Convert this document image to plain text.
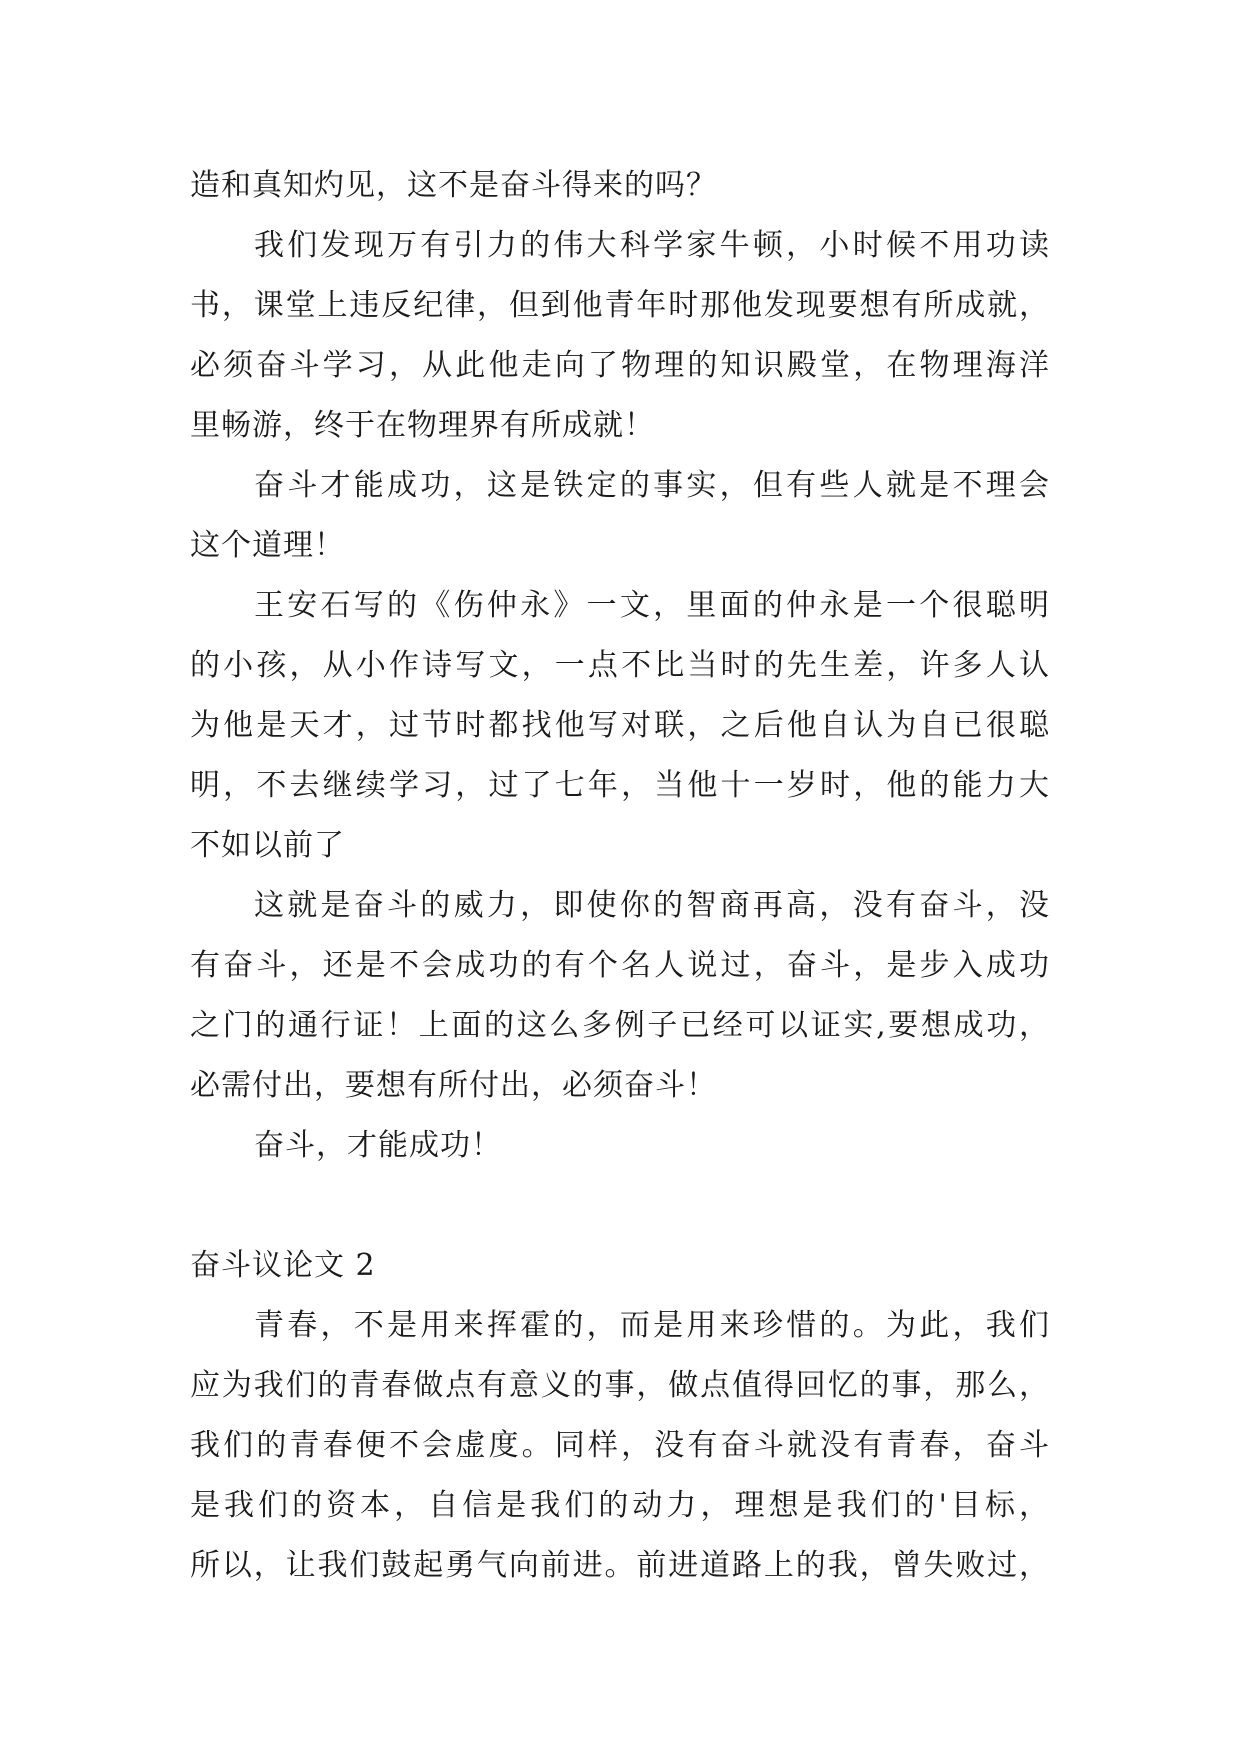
造和真知灼见，这不是奋斗得来的吗？
我们发现万有引力的伟大科学家牛顿，小时候不用功读
书，课堂上违反纪律，但到他青年时那他发现要想有所成就，
必须奋斗学习，从此他走向了物理的知识殿堂，在物理海洋
里畅游，终于在物理界有所成就！
奋斗才能成功，这是铁定的事实，但有些人就是不理会
这个道理！
王安石写的《伤仲永》一文，里面的仲永是一个很聪明
的小孩，从小作诗写文，一点不比当时的先生差，许多人认
为他是天才，过节时都找他写对联，之后他自认为自已很聪
明，不去继续学习，过了七年，当他十一岁时，他的能力大
不如以前了
这就是奋斗的威力，即使你的智商再高，没有奋斗，没
有奋斗，还是不会成功的有个名人说过，奋斗，是步入成功
之门的通行证！上面的这么多例子已经可以证实,要想成功，
必需付出，要想有所付出，必须奋斗！
奋斗，才能成功！
奋斗议论文 2
青春，不是用来挥霍的，而是用来珍惜的。为此，我们
应为我们的青春做点有意义的事，做点值得回忆的事，那么，
我们的青春便不会虚度。同样，没有奋斗就没有青春，奋斗
是我们的资本，自信是我们的动力，理想是我们的'目标，
所以，让我们鼓起勇气向前进。前进道路上的我，曾失败过，
